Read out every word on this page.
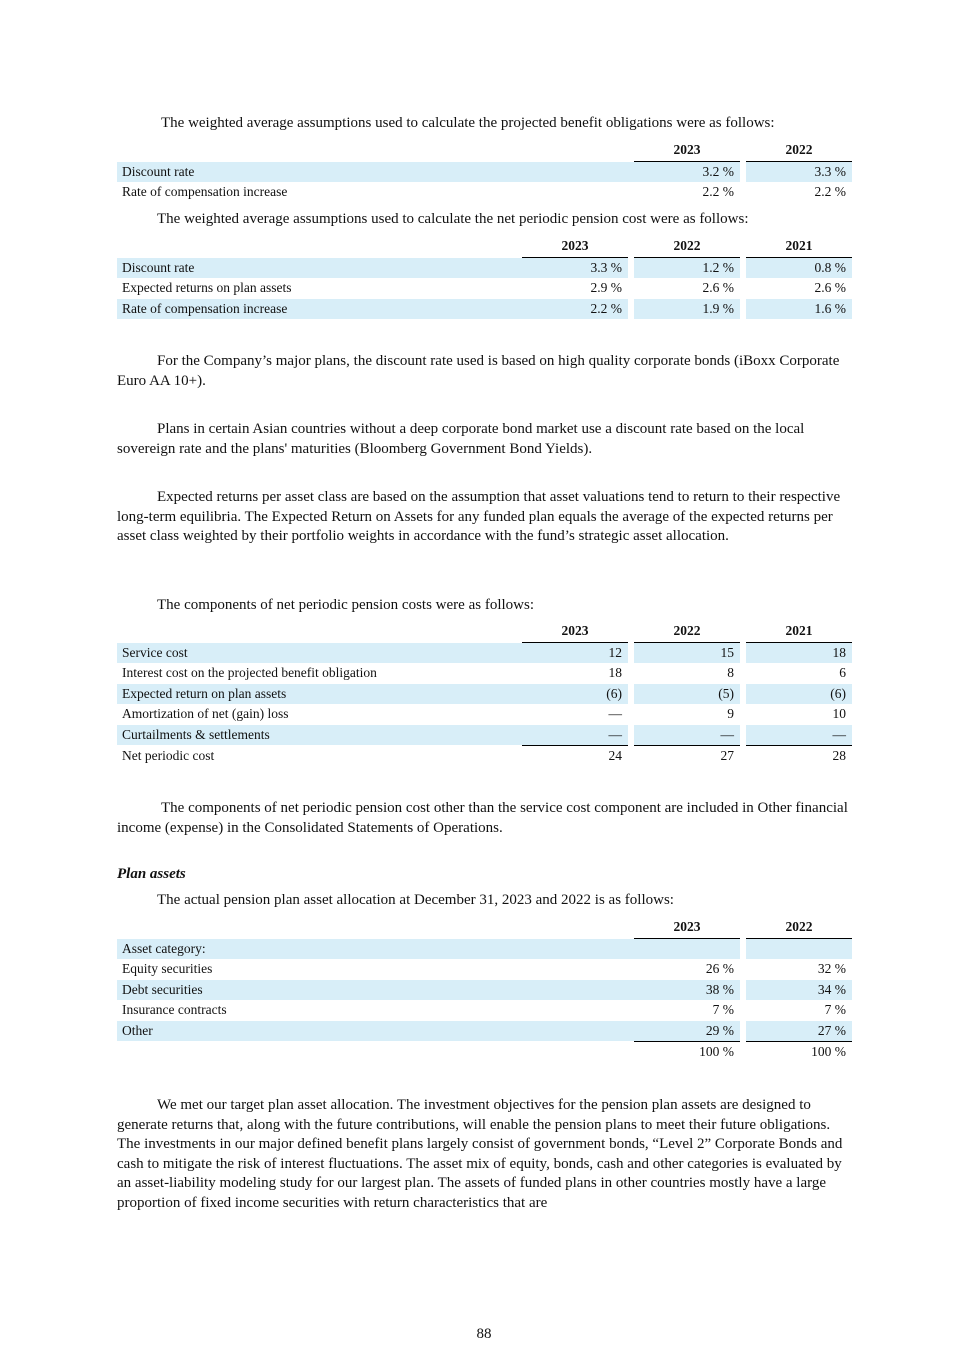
The weighted average assumptions used to calculate the projected benefit obligations were as follows:
	2023		2022
Discount rate	3.2 %		3.3 %
Rate of compensation increase	2.2 %		2.2 %
The weighted average assumptions used to calculate the net periodic pension cost were as follows:
	2023		2022		2021
Discount rate	3.3 %		1.2 %		0.8 %
Expected returns on plan assets	2.9 %		2.6 %		2.6 %
Rate of compensation increase	2.2 %		1.9 %		1.6 %

For the Company’s major plans, the discount rate used is based on high quality corporate bonds (iBoxx Corporate Euro AA 10+).

Plans in certain Asian countries without a deep corporate bond market use a discount rate based on the local sovereign rate and the plans' maturities (Bloomberg Government Bond Yields).

Expected returns per asset class are based on the assumption that asset valuations tend to return to their respective long-term equilibria. The Expected Return on Assets for any funded plan equals the average of the expected returns per asset class weighted by their portfolio weights in accordance with the fund’s strategic asset allocation.

The components of net periodic pension costs were as follows:
	2023		2022		2021
Service cost	12		15		18
Interest cost on the projected benefit obligation	18		8		6
Expected return on plan assets	(6)		(5)		(6)
Amortization of net (gain) loss	—		9		10
Curtailments & settlements	—		—		—
Net periodic cost	24		27		28

The components of net periodic pension cost other than the service cost component are included in Other financial income (expense) in the Consolidated Statements of Operations.

Plan assets
The actual pension plan asset allocation at December 31, 2023 and 2022 is as follows:
	2023		2022
Asset category:			
Equity securities	26 %		32 %
Debt securities	38 %		34 %
Insurance contracts	7 %		7 %
Other	29 %		27 %
	100 %		100 %

We met our target plan asset allocation. The investment objectives for the pension plan assets are designed to generate returns that, along with the future contributions, will enable the pension plans to meet their future obligations. The investments in our major defined benefit plans largely consist of government bonds, “Level 2” Corporate Bonds and cash to mitigate the risk of interest fluctuations. The asset mix of equity, bonds, cash and other categories is evaluated by an asset-liability modeling study for our largest plan. The assets of funded plans in other countries mostly have a large proportion of fixed income securities with return characteristics that are

88
